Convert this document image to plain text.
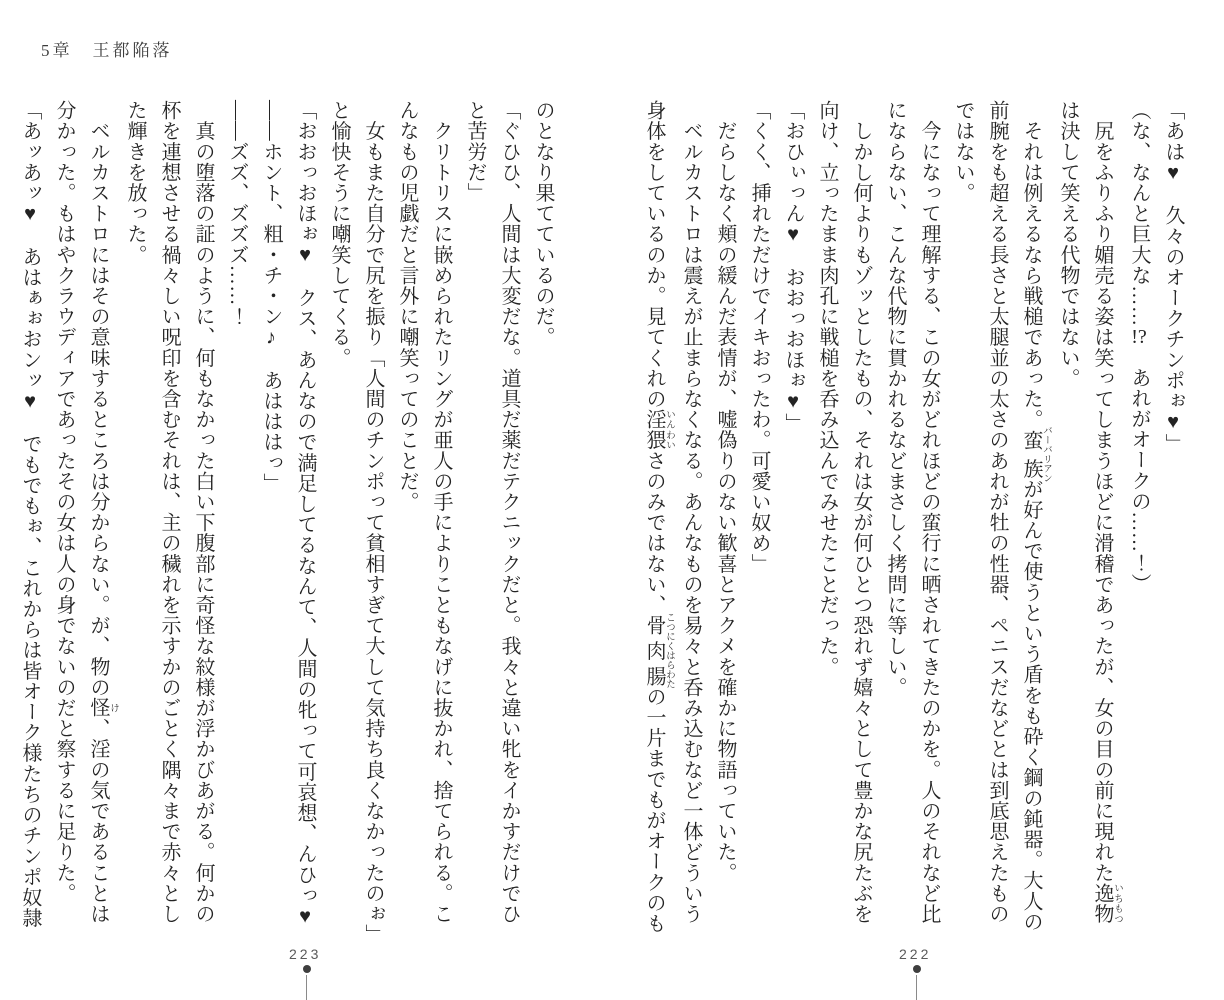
5章　王都陥落

「あは♥　久々のオークチンポぉ♥」

（な、なんと巨大な……!?　あれがオークの……！）

　尻をふりふり媚売る姿は笑ってしまうほどに滑稽であったが、女の目の前に現れた逸物 いちもつ

は決して笑える代物ではない。

　それは例えるなら戦槌であった。蛮族 バーバリアンが好んで使うという盾をも砕く鋼の鈍器。大人の

前腕をも超える長さと太腿並の太さのあれが牡の性器、ペニスだなどとは到底思えたもの

ではない。

　今になって理解する、この女がどれほどの蛮行に晒されてきたのかを。人のそれなど比

にならない、こんな代物に貫かれるなどまさしく拷問に等しい。

　しかし何よりもゾッとしたもの、それは女が何ひとつ恐れず嬉々として豊かな尻たぶを

向け、立ったまま肉孔に戦槌を呑み込んでみせたことだった。

「おひぃっん♥　おおっおほぉ♥」

「くく、挿れただけでイキおったわ。可愛い奴め」

　だらしなく頬の緩んだ表情が、嘘偽りのない歓喜とアクメを確かに物語っていた。

　ベルカストロは震えが止まらなくなる。あんなものを易々と呑み込むなど一体どういう

身体をしているのか。見てくれの淫猥 いんわいさのみではない、骨肉腸 こつにくはらわたの一片までもがオークのも

のとなり果てているのだ。

「ぐひひ、人間は大変だな。道具だ薬だテクニックだと。我々と違い牝をイかすだけでひ

と苦労だ」

　クリトリスに嵌められたリングが亜人の手によりこともなげに抜かれ、捨てられる。こ

んなもの児戯だと言外に嘲笑ってのことだ。

　女もまた自分で尻を振り「人間のチンポって貧相すぎて大して気持ち良くなかったのぉ」

と愉快そうに嘲笑してくる。

「おおっおほぉ♥　クス、あんなので満足してるなんて、人間の牝って可哀想、んひっ♥

――ホント、粗・チ・ン♪　あはははっ」

――ズズ、ズズズ……！

　真の堕落の証のように、何もなかった白い下腹部に奇怪な紋様が浮かびあがる。何かの

杯を連想させる禍々しい呪印を含むそれは、主の穢れを示すかのごとく隅々まで赤々とし

た輝きを放った。

　ベルカストロにはその意味するところは分からない。が、物の怪 け、淫の気であることは

分かった。もはやクラウディアであったその女は人の身でないのだと察するに足りた。

「あッあッ♥　あはぁぉおンッ♥　でもでもぉ、これからは皆オーク様たちのチンポ奴隷

223	222
